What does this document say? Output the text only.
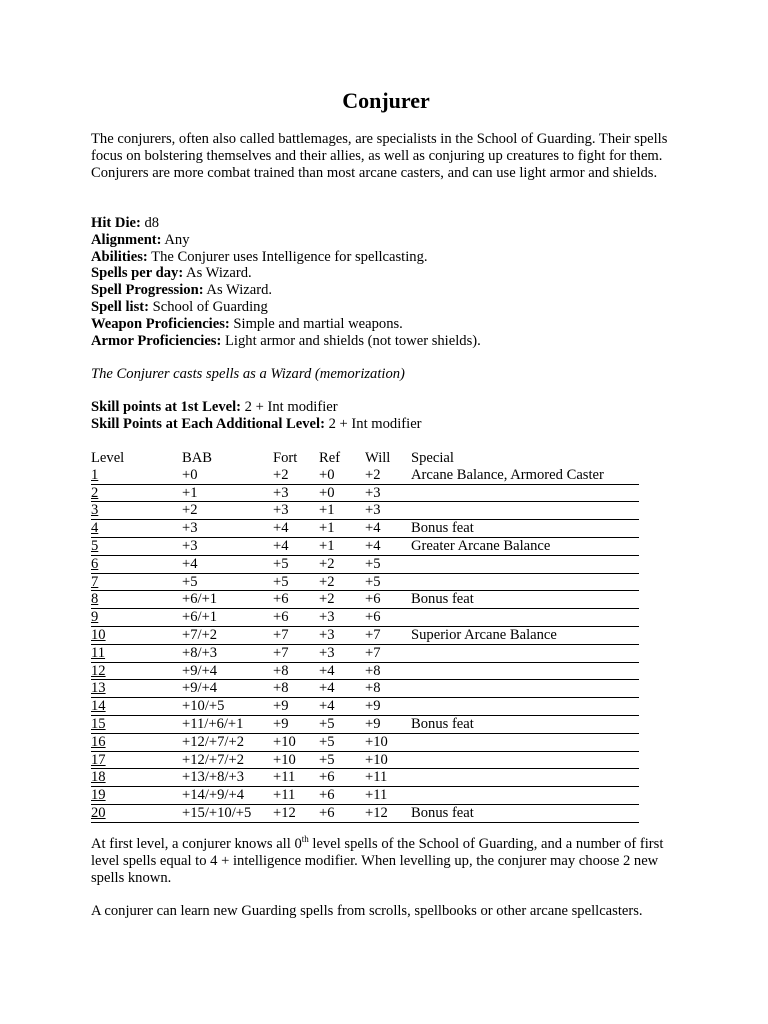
Conjurer

The conjurers, often also called battlemages, are specialists in the School of Guarding. Their spells focus on bolstering themselves and their allies, as well as conjuring up creatures to fight for them. Conjurers are more combat trained than most arcane casters, and can use light armor and shields.

Hit Die: d8
Alignment: Any
Abilities: The Conjurer uses Intelligence for spellcasting.
Spells per day: As Wizard.
Spell Progression: As Wizard.
Spell list: School of Guarding
Weapon Proficiencies: Simple and martial weapons.
Armor Proficiencies: Light armor and shields (not tower shields).

The Conjurer casts spells as a Wizard (memorization)

Skill points at 1st Level: 2 + Int modifier
Skill Points at Each Additional Level: 2 + Int modifier
Level	BAB	Fort	Ref	Will	Special
1	+0	+2	+0	+2	Arcane Balance, Armored Caster
2	+1	+3	+0	+3	
3	+2	+3	+1	+3	
4	+3	+4	+1	+4	Bonus feat
5	+3	+4	+1	+4	Greater Arcane Balance
6	+4	+5	+2	+5	
7	+5	+5	+2	+5	
8	+6/+1	+6	+2	+6	Bonus feat
9	+6/+1	+6	+3	+6	
10	+7/+2	+7	+3	+7	Superior Arcane Balance
11	+8/+3	+7	+3	+7	
12	+9/+4	+8	+4	+8	
13	+9/+4	+8	+4	+8	
14	+10/+5	+9	+4	+9	
15	+11/+6/+1	+9	+5	+9	Bonus feat
16	+12/+7/+2	+10	+5	+10	
17	+12/+7/+2	+10	+5	+10	
18	+13/+8/+3	+11	+6	+11	
19	+14/+9/+4	+11	+6	+11	
20	+15/+10/+5	+12	+6	+12	Bonus feat

At first level, a conjurer knows all 0th level spells of the School of Guarding, and a number of first level spells equal to 4 + intelligence modifier. When levelling up, the conjurer may choose 2 new spells known.

A conjurer can learn new Guarding spells from scrolls, spellbooks or other arcane spellcasters.
